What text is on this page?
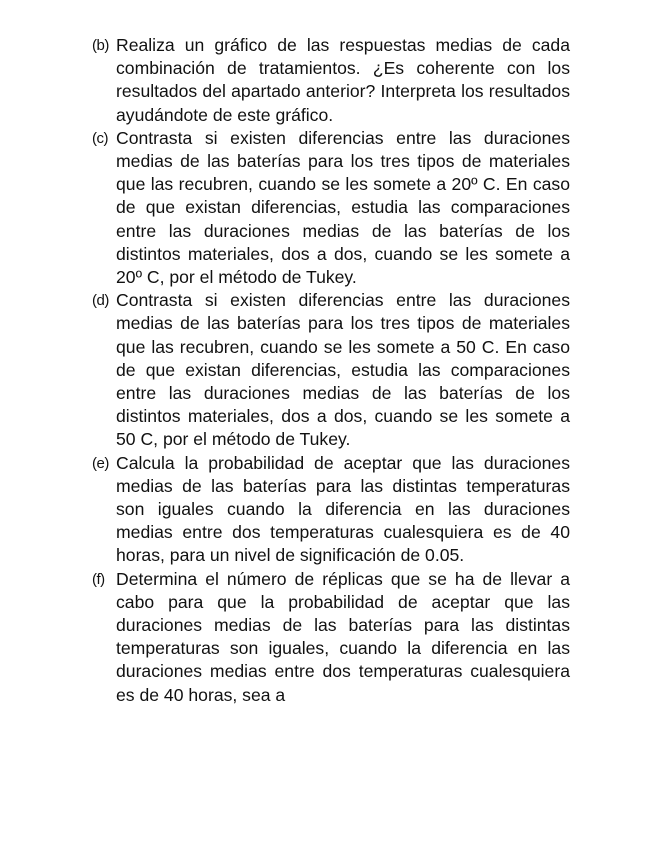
(b) Realiza un gráfico de las respuestas medias de cada combinación de tratamientos. ¿Es coherente con los resultados del apartado anterior? Interpreta los resultados ayudándote de este gráfico.

(c) Contrasta si existen diferencias entre las duraciones medias de las baterías para los tres tipos de materiales que las recubren, cuando se les somete a 20º C. En caso de que existan diferencias, estudia las comparaciones entre las duraciones medias de las baterías de los distintos materiales, dos a dos, cuando se les somete a 20º C, por el método de Tukey.

(d) Contrasta si existen diferencias entre las duraciones medias de las baterías para los tres tipos de materiales que las recubren, cuando se les somete a 50 C. En caso de que existan diferencias, estudia las comparaciones entre las duraciones medias de las baterías de los distintos materiales, dos a dos, cuando se les somete a 50 C, por el método de Tukey.

(e) Calcula la probabilidad de aceptar que las duraciones medias de las baterías para las distintas temperaturas son iguales cuando la diferencia en las duraciones medias entre dos temperaturas cualesquiera es de 40 horas, para un nivel de significación de 0.05.

(f) Determina el número de réplicas que se ha de llevar a cabo para que la probabilidad de aceptar que las duraciones medias de las baterías para las distintas temperaturas son iguales, cuando la diferencia en las duraciones medias entre dos temperaturas cualesquiera es de 40 horas, sea a
